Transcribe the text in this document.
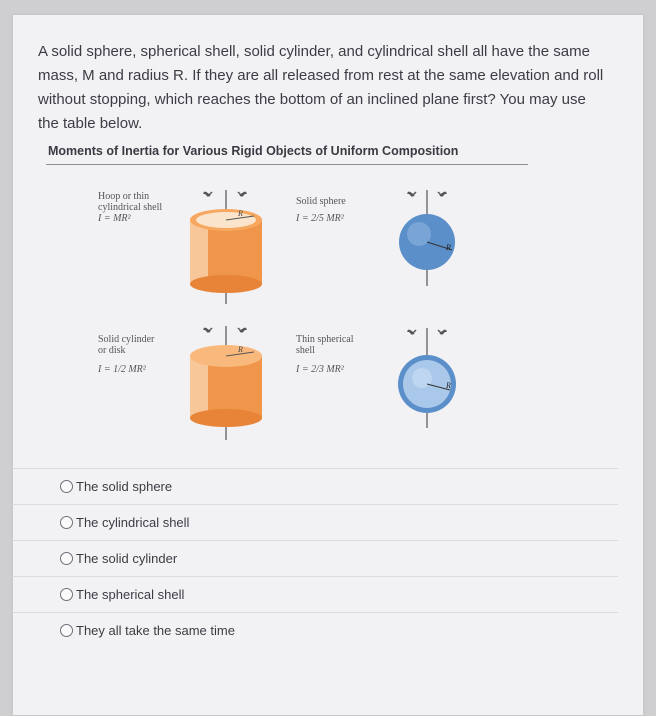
A solid sphere, spherical shell, solid cylinder, and cylindrical shell all have the same mass, M and radius R. If they are all released from rest at the same elevation and roll without stopping, which reaches the bottom of an inclined plane first? You may use the table below.
Moments of Inertia for Various Rigid Objects of Uniform Composition
Hoop or thin
cylindrical shell
I = MR²	R
Solid sphere
I = 2/5 MR²
R
Solid cylinder
or disk
I = 1/2 MR²
R
Thin spherical
shell
I = 2/3 MR²
R
The solid sphere
The cylindrical shell
The solid cylinder
The spherical shell
They all take the same time
